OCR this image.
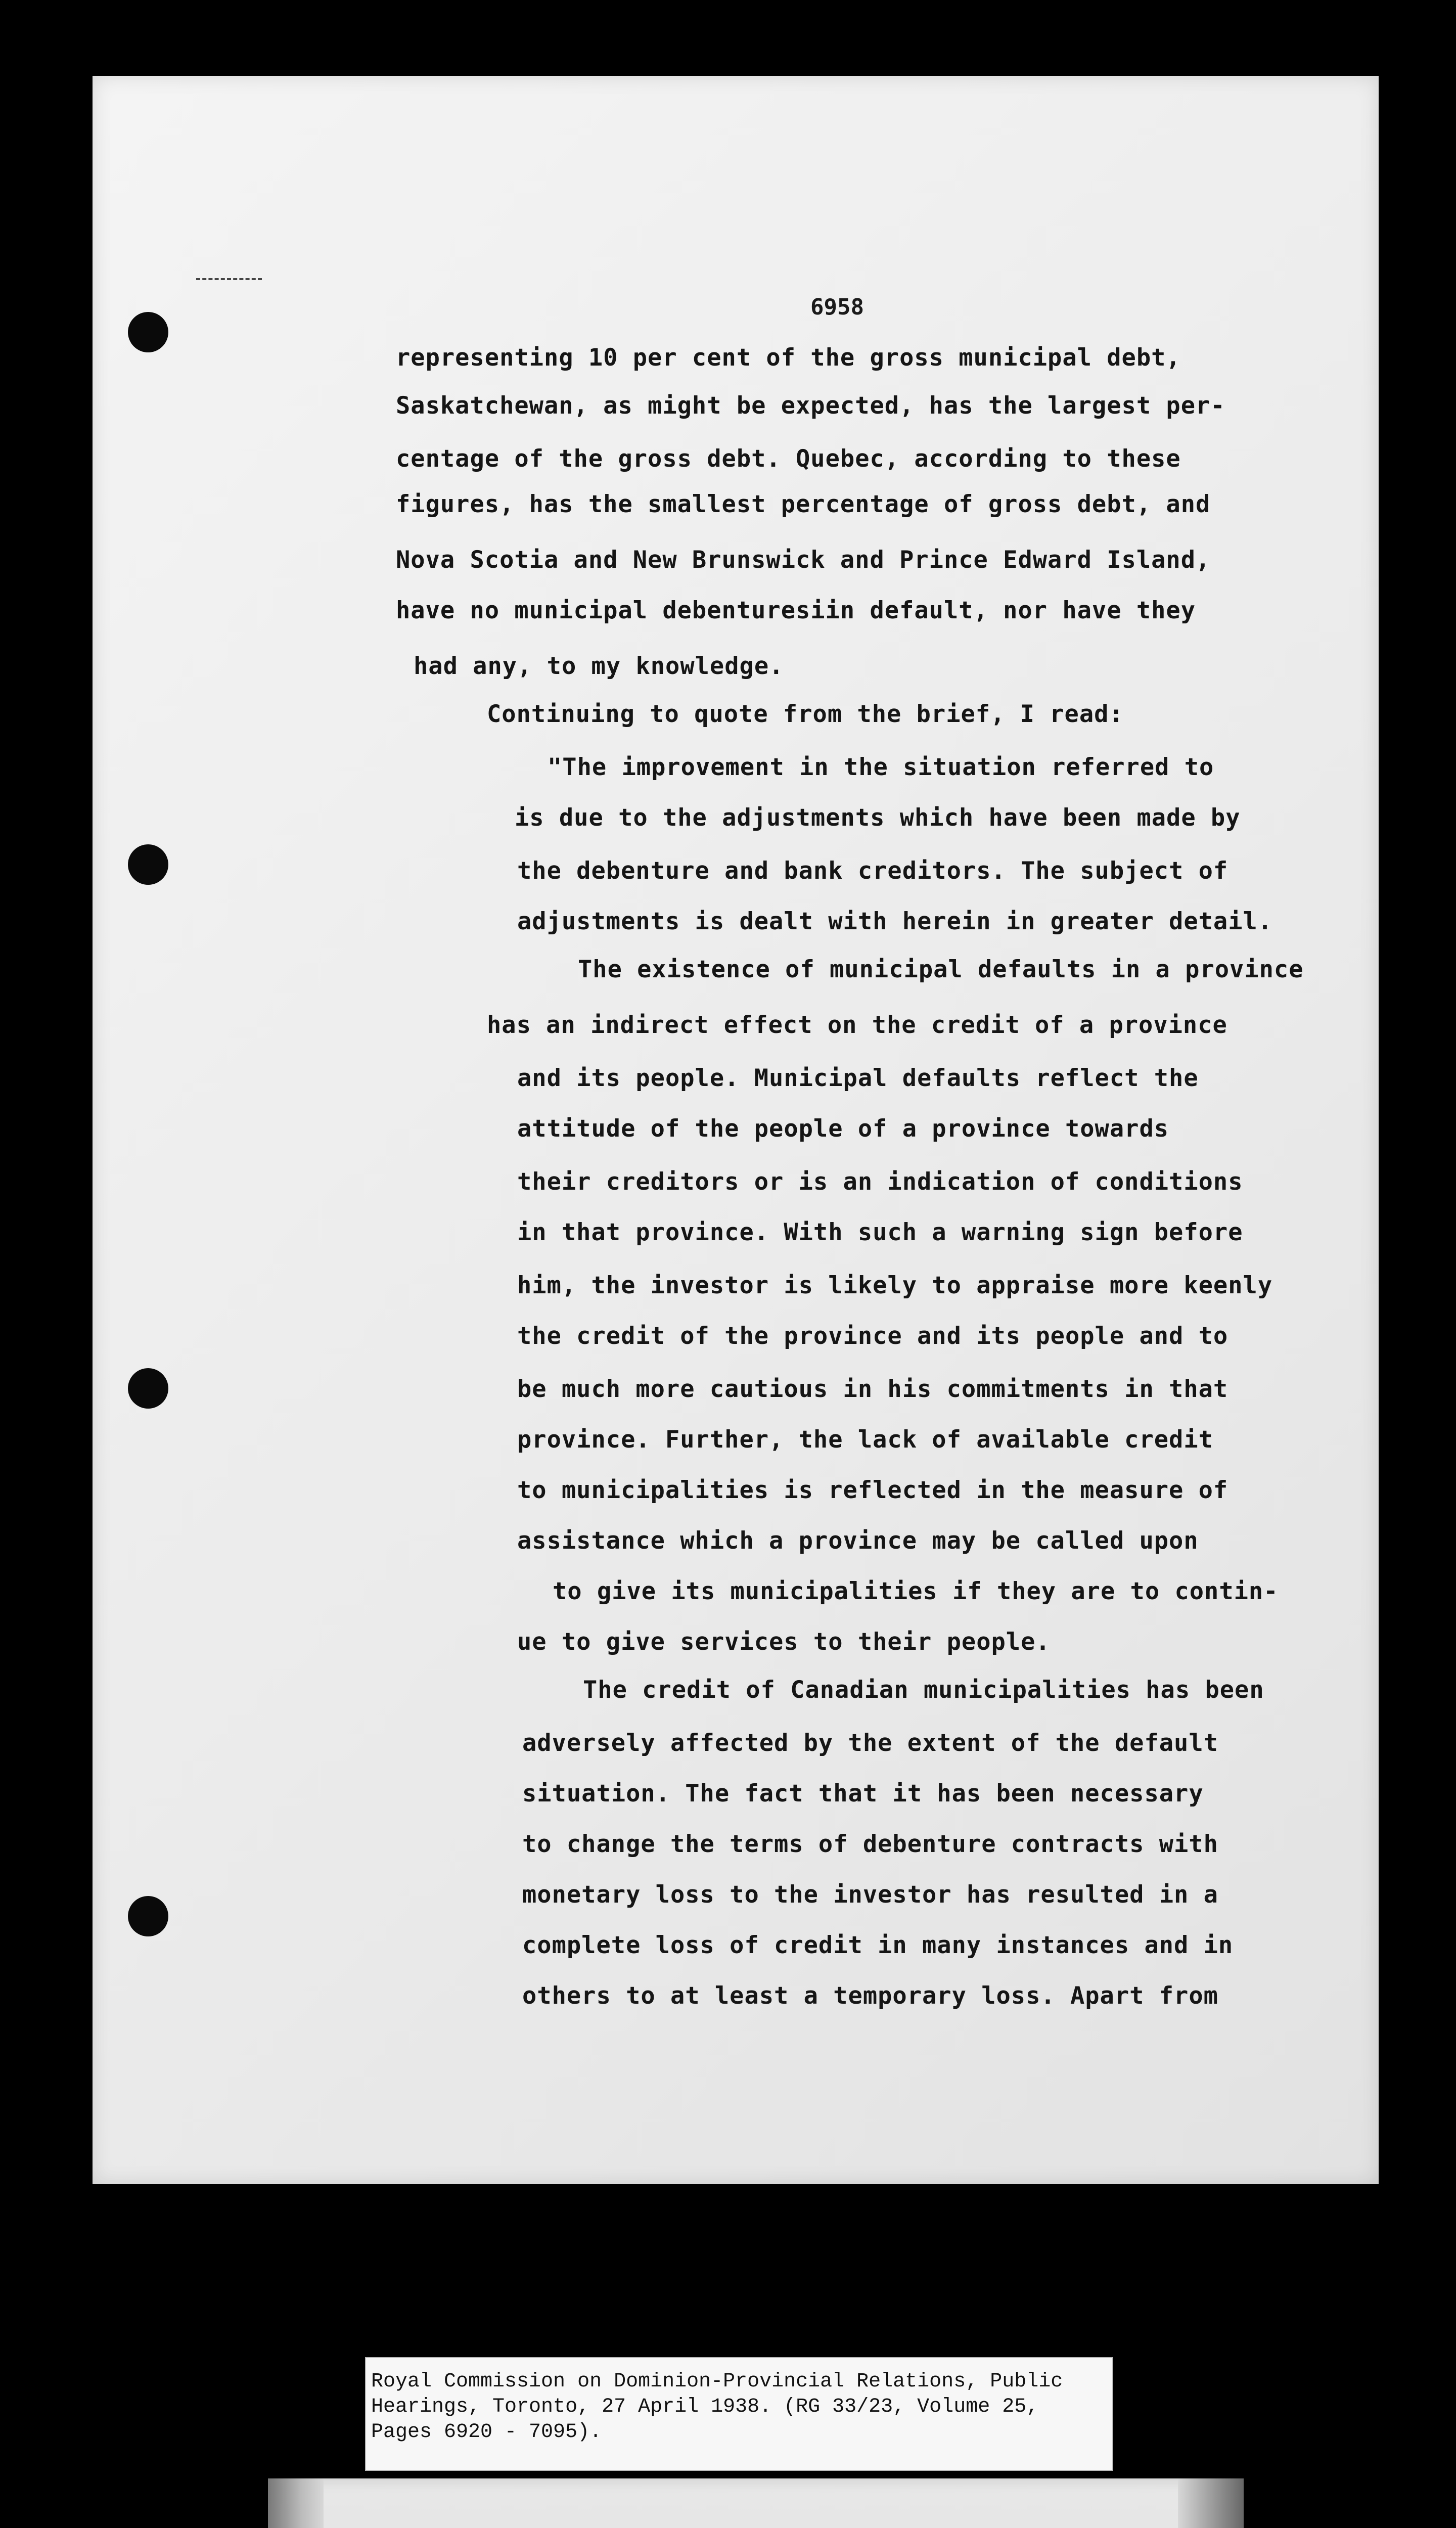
6958
representing 10 per cent of the gross municipal debt,
Saskatchewan, as might be expected, has the largest per-
centage of the gross debt. Quebec, according to these
figures, has the smallest percentage of gross debt, and
Nova Scotia and New Brunswick and Prince Edward Island,
have no municipal debenturesiin default, nor have they
had any, to my knowledge.
Continuing to quote from the brief, I read:
"The improvement in the situation referred to
is due to the adjustments which have been made by
the debenture and bank creditors. The subject of
adjustments is dealt with herein in greater detail.
The existence of municipal defaults in a province
has an indirect effect on the credit of a province
and its people. Municipal defaults reflect the
attitude of the people of a province towards
their creditors or is an indication of conditions
in that province. With such a warning sign before
him, the investor is likely to appraise more keenly
the credit of the province and its people and to
be much more cautious in his commitments in that
province. Further, the lack of available credit
to municipalities is reflected in the measure of
assistance which a province may be called upon
to give its municipalities if they are to contin-
ue to give services to their people.
The credit of Canadian municipalities has been
adversely affected by the extent of the default
situation. The fact that it has been necessary
to change the terms of debenture contracts with
monetary loss to the investor has resulted in a
complete loss of credit in many instances and in
others to at least a temporary loss. Apart from
Royal Commission on Dominion-Provincial Relations, Public
Hearings, Toronto, 27 April 1938. (RG 33/23, Volume 25,
Pages 6920 - 7095).
